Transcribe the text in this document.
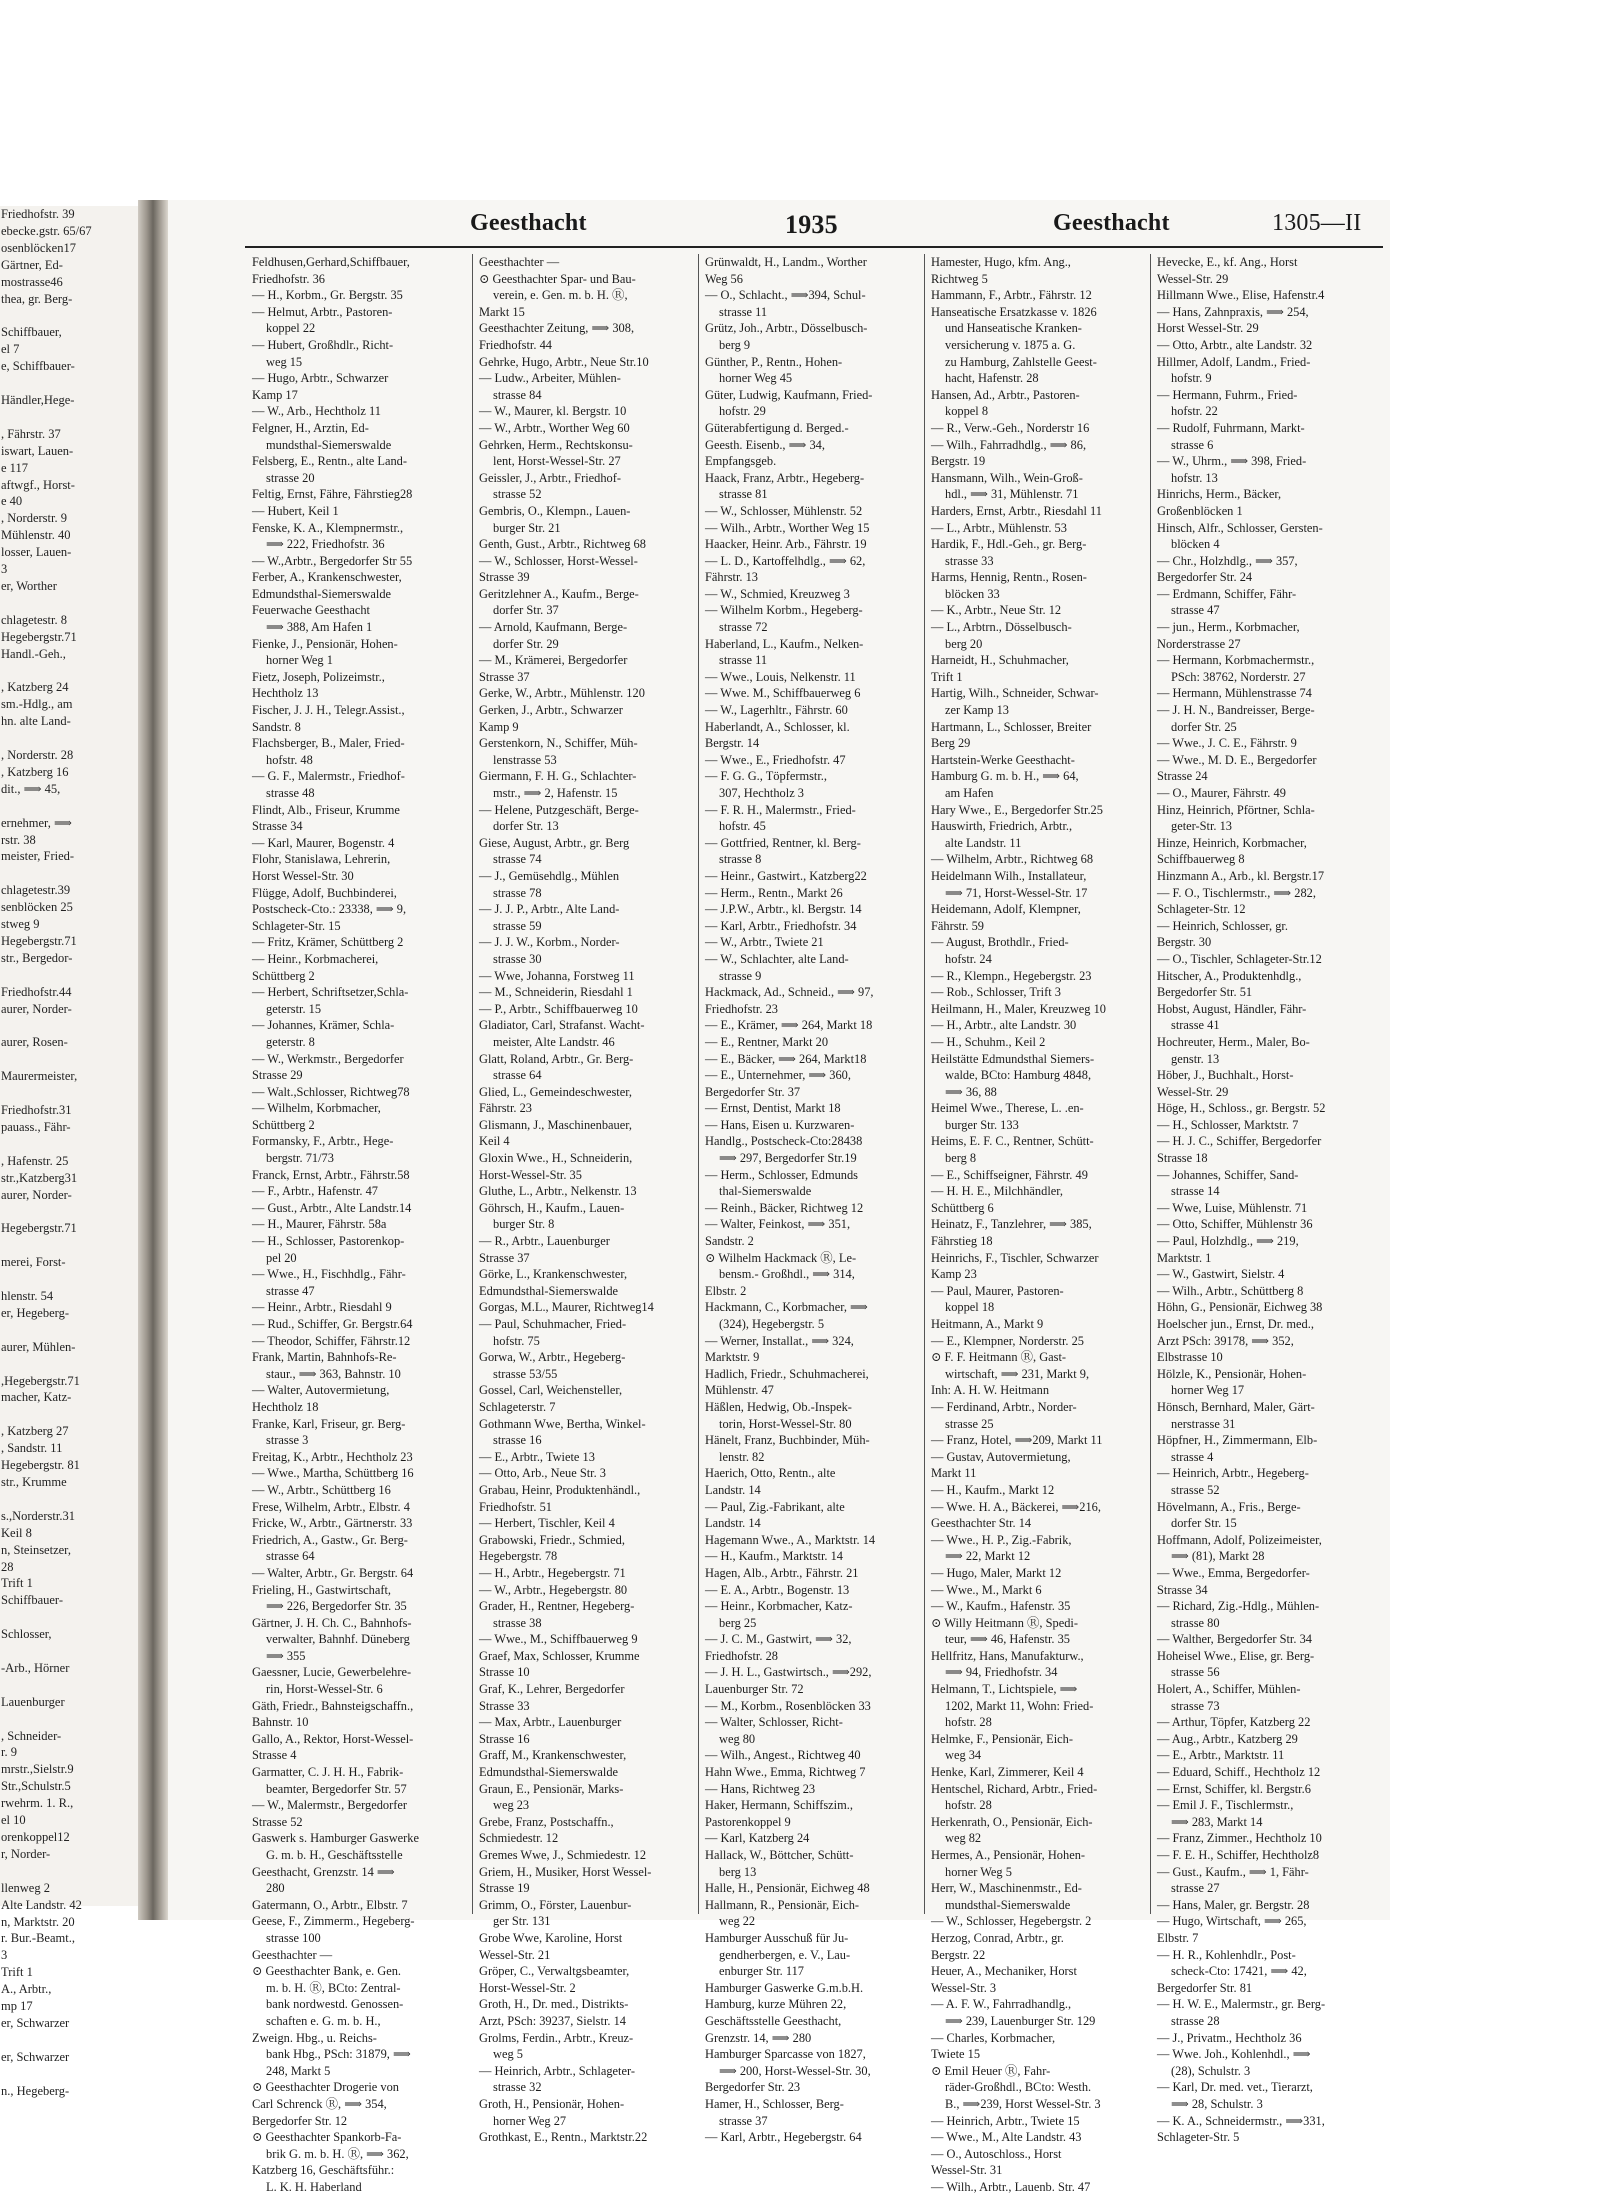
Friedhofstr. 39
ebecke.gstr. 65/67
osenblöcken17
Gärtner, Ed-
mostrasse46
thea, gr. Berg-

Schiffbauer,
el 7
e, Schiffbauer-

Händler,Hege-

, Fährstr. 37
iswart, Lauen-
e 117
aftwgf., Horst-
e 40
, Norderstr. 9
Mühlenstr. 40
losser, Lauen-
3
er, Worther

chlagetestr. 8
Hegebergstr.71
Handl.-Geh.,

, Katzberg 24
sm.-Hdlg., am
hn. alte Land-

, Norderstr. 28
, Katzberg 16
dit., ⟹ 45,

ernehmer, ⟹
rstr. 38
meister, Fried-

chlagetestr.39
senblöcken 25
stweg 9
Hegebergstr.71
str., Bergedor-

Friedhofstr.44
aurer, Norder-

aurer, Rosen-

Maurermeister,

Friedhofstr.31
pauass., Fähr-

, Hafenstr. 25
str.,Katzberg31
aurer, Norder-

Hegebergstr.71

merei, Forst-

hlenstr. 54
er, Hegeberg-

aurer, Mühlen-

,Hegebergstr.71
macher, Katz-

, Katzberg 27
, Sandstr. 11
Hegebergstr. 81
str., Krumme

s.,Norderstr.31
Keil 8
n, Steinsetzer,
28
Trift 1
Schiffbauer-

Schlosser,

-Arb., Hörner

Lauenburger

, Schneider-
r. 9
mrstr.,Sielstr.9
Str.,Schulstr.5
rwehrm. 1. R.,
el 10
orenkoppel12
r, Norder-

llenweg 2
Alte Landstr. 42
n, Marktstr. 20
r. Bur.-Beamt.,
3
Trift 1
A., Arbtr.,
mp 17
er, Schwarzer

er, Schwarzer

n., Hegeberg-
Geesthacht	1935	Geesthacht	1305—II
Feldhusen,Gerhard,Schiffbauer,
Friedhofstr. 36
— H., Korbm., Gr. Bergstr. 35
— Helmut, Arbtr., Pastoren-
koppel 22
— Hubert, Großhdlr., Richt-
weg 15
— Hugo, Arbtr., Schwarzer
Kamp 17
— W., Arb., Hechtholz 11
Felgner, H., Arztin, Ed-
mundsthal-Siemerswalde
Felsberg, E., Rentn., alte Land-
strasse 20
Feltig, Ernst, Fähre, Fährstieg28
— Hubert, Keil 1
Fenske, K. A., Klempnermstr.,
⟹ 222, Friedhofstr. 36
— W.,Arbtr., Bergedorfer Str 55
Ferber, A., Krankenschwester,
Edmundsthal-Siemerswalde
Feuerwache Geesthacht
⟹ 388, Am Hafen 1
Fienke, J., Pensionär, Hohen-
horner Weg 1
Fietz, Joseph, Polizeimstr.,
Hechtholz 13
Fischer, J. J. H., Telegr.Assist.,
Sandstr. 8
Flachsberger, B., Maler, Fried-
hofstr. 48
— G. F., Malermstr., Friedhof-
strasse 48
Flindt, Alb., Friseur, Krumme
Strasse 34
— Karl, Maurer, Bogenstr. 4
Flohr, Stanislawa, Lehrerin,
Horst Wessel-Str. 30
Flügge, Adolf, Buchbinderei,
Postscheck-Cto.: 23338, ⟹ 9,
Schlageter-Str. 15
— Fritz, Krämer, Schüttberg 2
— Heinr., Korbmacherei,
Schüttberg 2
— Herbert, Schriftsetzer,Schla-
geterstr. 15
— Johannes, Krämer, Schla-
geterstr. 8
— W., Werkmstr., Bergedorfer
Strasse 29
— Walt.,Schlosser, Richtweg78
— Wilhelm, Korbmacher,
Schüttberg 2
Formansky, F., Arbtr., Hege-
bergstr. 71/73
Franck, Ernst, Arbtr., Fährstr.58
— F., Arbtr., Hafenstr. 47
— Gust., Arbtr., Alte Landstr.14
— H., Maurer, Fährstr. 58a
— H., Schlosser, Pastorenkop-
pel 20
— Wwe., H., Fischhdlg., Fähr-
strasse 47
— Heinr., Arbtr., Riesdahl 9
— Rud., Schiffer, Gr. Bergstr.64
— Theodor, Schiffer, Fährstr.12
Frank, Martin, Bahnhofs-Re-
staur., ⟹ 363, Bahnstr. 10
— Walter, Autovermietung,
Hechtholz 18
Franke, Karl, Friseur, gr. Berg-
strasse 3
Freitag, K., Arbtr., Hechtholz 23
— Wwe., Martha, Schüttberg 16
— W., Arbtr., Schüttberg 16
Frese, Wilhelm, Arbtr., Elbstr. 4
Fricke, W., Arbtr., Gärtnerstr. 33
Friedrich, A., Gastw., Gr. Berg-
strasse 64
— Walter, Arbtr., Gr. Bergstr. 64
Frieling, H., Gastwirtschaft,
⟹ 226, Bergedorfer Str. 35
Gärtner, J. H. Ch. C., Bahnhofs-
verwalter, Bahnhf. Düneberg
⟹ 355
Gaessner, Lucie, Gewerbelehre-
rin, Horst-Wessel-Str. 6
Gäth, Friedr., Bahnsteigschaffn.,
Bahnstr. 10
Gallo, A., Rektor, Horst-Wessel-
Strasse 4
Garmatter, C. J. H. H., Fabrik-
beamter, Bergedorfer Str. 57
— W., Malermstr., Bergedorfer
Strasse 52
Gaswerk s. Hamburger Gaswerke
G. m. b. H., Geschäftsstelle
Geesthacht, Grenzstr. 14 ⟹
280
Gatermann, O., Arbtr., Elbstr. 7
Geese, F., Zimmerm., Hegeberg-
strasse 100
Geesthachter —
⊙ Geesthachter Bank, e. Gen.
m. b. H. Ⓡ, BCto: Zentral-
bank nordwestd. Genossen-
schaften e. G. m. b. H.,
Zweign. Hbg., u. Reichs-
bank Hbg., PSch: 31879, ⟹
248, Markt 5
⊙ Geesthachter Drogerie von
Carl Schrenck Ⓡ, ⟹ 354,
Bergedorfer Str. 12
⊙ Geesthachter Spankorb-Fa-
brik G. m. b. H. Ⓡ, ⟹ 362,
Katzberg 16, Geschäftsführ.:
L. K. H. Haberland
Geesthachter —
⊙ Geesthachter Spar- und Bau-
verein, e. Gen. m. b. H. Ⓡ,
Markt 15
Geesthachter Zeitung, ⟹ 308,
Friedhofstr. 44
Gehrke, Hugo, Arbtr., Neue Str.10
— Ludw., Arbeiter, Mühlen-
strasse 84
— W., Maurer, kl. Bergstr. 10
— W., Arbtr., Worther Weg 60
Gehrken, Herm., Rechtskonsu-
lent, Horst-Wessel-Str. 27
Geissler, J., Arbtr., Friedhof-
strasse 52
Gembris, O., Klempn., Lauen-
burger Str. 21
Genth, Gust., Arbtr., Richtweg 68
— W., Schlosser, Horst-Wessel-
Strasse 39
Geritzlehner A., Kaufm., Berge-
dorfer Str. 37
— Arnold, Kaufmann, Berge-
dorfer Str. 29
— M., Krämerei, Bergedorfer
Strasse 37
Gerke, W., Arbtr., Mühlenstr. 120
Gerken, J., Arbtr., Schwarzer
Kamp 9
Gerstenkorn, N., Schiffer, Müh-
lenstrasse 53
Giermann, F. H. G., Schlachter-
mstr., ⟹ 2, Hafenstr. 15
— Helene, Putzgeschäft, Berge-
dorfer Str. 13
Giese, August, Arbtr., gr. Berg
strasse 74
— J., Gemüsehdlg., Mühlen
strasse 78
— J. J. P., Arbtr., Alte Land-
strasse 59
— J. J. W., Korbm., Norder-
strasse 30
— Wwe, Johanna, Forstweg 11
— M., Schneiderin, Riesdahl 1
— P., Arbtr., Schiffbauerweg 10
Gladiator, Carl, Strafanst. Wacht-
meister, Alte Landstr. 46
Glatt, Roland, Arbtr., Gr. Berg-
strasse 64
Glied, L., Gemeindeschwester,
Fährstr. 23
Glismann, J., Maschinenbauer,
Keil 4
Gloxin Wwe., H., Schneiderin,
Horst-Wessel-Str. 35
Gluthe, L., Arbtr., Nelkenstr. 13
Göhrsch, H., Kaufm., Lauen-
burger Str. 8
— R., Arbtr., Lauenburger
Strasse 37
Görke, L., Krankenschwester,
Edmundsthal-Siemerswalde
Gorgas, M.L., Maurer, Richtweg14
— Paul, Schuhmacher, Fried-
hofstr. 75
Gorwa, W., Arbtr., Hegeberg-
strasse 53/55
Gossel, Carl, Weichensteller,
Schlageterstr. 7
Gothmann Wwe, Bertha, Winkel-
strasse 16
— E., Arbtr., Twiete 13
— Otto, Arb., Neue Str. 3
Grabau, Heinr, Produktenhändl.,
Friedhofstr. 51
— Herbert, Tischler, Keil 4
Grabowski, Friedr., Schmied,
Hegebergstr. 78
— H., Arbtr., Hegebergstr. 71
— W., Arbtr., Hegebergstr. 80
Grader, H., Rentner, Hegeberg-
strasse 38
— Wwe., M., Schiffbauerweg 9
Graef, Max, Schlosser, Krumme
Strasse 10
Graf, K., Lehrer, Bergedorfer
Strasse 33
— Max, Arbtr., Lauenburger
Strasse 16
Graff, M., Krankenschwester,
Edmundsthal-Siemerswalde
Graun, E., Pensionär, Marks-
weg 23
Grebe, Franz, Postschaffn.,
Schmiedestr. 12
Gremes Wwe, J., Schmiedestr. 12
Griem, H., Musiker, Horst Wessel-
Strasse 19
Grimm, O., Förster, Lauenbur-
ger Str. 131
Grobe Wwe, Karoline, Horst
Wessel-Str. 21
Gröper, C., Verwaltgsbeamter,
Horst-Wessel-Str. 2
Groth, H., Dr. med., Distrikts-
Arzt, PSch: 39237, Sielstr. 14
Grolms, Ferdin., Arbtr., Kreuz-
weg 5
— Heinrich, Arbtr., Schlageter-
strasse 32
Groth, H., Pensionär, Hohen-
horner Weg 27
Grothkast, E., Rentn., Marktstr.22
Grünwaldt, H., Landm., Worther
Weg 56
— O., Schlacht., ⟹394, Schul-
strasse 11
Grütz, Joh., Arbtr., Dösselbusch-
berg 9
Günther, P., Rentn., Hohen-
horner Weg 45
Güter, Ludwig, Kaufmann, Fried-
hofstr. 29
Güterabfertigung d. Berged.-
Geesth. Eisenb., ⟹ 34,
Empfangsgeb.
Haack, Franz, Arbtr., Hegeberg-
strasse 81
— W., Schlosser, Mühlenstr. 52
— Wilh., Arbtr., Worther Weg 15
Haacker, Heinr. Arb., Fährstr. 19
— L. D., Kartoffelhdlg., ⟹ 62,
Fährstr. 13
— W., Schmied, Kreuzweg 3
— Wilhelm Korbm., Hegeberg-
strasse 72
Haberland, L., Kaufm., Nelken-
strasse 11
— Wwe., Louis, Nelkenstr. 11
— Wwe. M., Schiffbauerweg 6
— W., Lagerhltr., Fährstr. 60
Haberlandt, A., Schlosser, kl.
Bergstr. 14
— Wwe., E., Friedhofstr. 47
— F. G. G., Töpfermstr.,
307, Hechtholz 3
— F. R. H., Malermstr., Fried-
hofstr. 45
— Gottfried, Rentner, kl. Berg-
strasse 8
— Heinr., Gastwirt., Katzberg22
— Herm., Rentn., Markt 26
— J.P.W., Arbtr., kl. Bergstr. 14
— Karl, Arbtr., Friedhofstr. 34
— W., Arbtr., Twiete 21
— W., Schlachter, alte Land-
strasse 9
Hackmack, Ad., Schneid., ⟹ 97,
Friedhofstr. 23
— E., Krämer, ⟹ 264, Markt 18
— E., Rentner, Markt 20
— E., Bäcker, ⟹ 264, Markt18
— E., Unternehmer, ⟹ 360,
Bergedorfer Str. 37
— Ernst, Dentist, Markt 18
— Hans, Eisen u. Kurzwaren-
Handlg., Postscheck-Cto:28438
⟹ 297, Bergedorfer Str.19
— Herm., Schlosser, Edmunds
thal-Siemerswalde
— Reinh., Bäcker, Richtweg 12
— Walter, Feinkost, ⟹ 351,
Sandstr. 2
⊙ Wilhelm Hackmack Ⓡ, Le-
bensm.- Großhdl., ⟹ 314,
Elbstr. 2
Hackmann, C., Korbmacher, ⟹
(324), Hegebergstr. 5
— Werner, Installat., ⟹ 324,
Marktstr. 9
Hadlich, Friedr., Schuhmacherei,
Mühlenstr. 47
Häßlen, Hedwig, Ob.-Inspek-
torin, Horst-Wessel-Str. 80
Hänelt, Franz, Buchbinder, Müh-
lenstr. 82
Haerich, Otto, Rentn., alte
Landstr. 14
— Paul, Zig.-Fabrikant, alte
Landstr. 14
Hagemann Wwe., A., Marktstr. 14
— H., Kaufm., Marktstr. 14
Hagen, Alb., Arbtr., Fährstr. 21
— E. A., Arbtr., Bogenstr. 13
— Heinr., Korbmacher, Katz-
berg 25
— J. C. M., Gastwirt, ⟹ 32,
Friedhofstr. 28
— J. H. L., Gastwirtsch., ⟹292,
Lauenburger Str. 72
— M., Korbm., Rosenblöcken 33
— Walter, Schlosser, Richt-
weg 80
— Wilh., Angest., Richtweg 40
Hahn Wwe., Emma, Richtweg 7
— Hans, Richtweg 23
Haker, Hermann, Schiffszim.,
Pastorenkoppel 9
— Karl, Katzberg 24
Hallack, W., Böttcher, Schütt-
berg 13
Halle, H., Pensionär, Eichweg 48
Hallmann, R., Pensionär, Eich-
weg 22
Hamburger Ausschuß für Ju-
gendherbergen, e. V., Lau-
enburger Str. 117
Hamburger Gaswerke G.m.b.H.
Hamburg, kurze Mühren 22,
Geschäftsstelle Geesthacht,
Grenzstr. 14, ⟹ 280
Hamburger Sparcasse von 1827,
⟹ 200, Horst-Wessel-Str. 30,
Bergedorfer Str. 23
Hamer, H., Schlosser, Berg-
strasse 37
— Karl, Arbtr., Hegebergstr. 64
Hamester, Hugo, kfm. Ang.,
Richtweg 5
Hammann, F., Arbtr., Fährstr. 12
Hanseatische Ersatzkasse v. 1826
und Hanseatische Kranken-
versicherung v. 1875 a. G.
zu Hamburg, Zahlstelle Geest-
hacht, Hafenstr. 28
Hansen, Ad., Arbtr., Pastoren-
koppel 8
— R., Verw.-Geh., Norderstr 16
— Wilh., Fahrradhdlg., ⟹ 86,
Bergstr. 19
Hansmann, Wilh., Wein-Groß-
hdl., ⟹ 31, Mühlenstr. 71
Harders, Ernst, Arbtr., Riesdahl 11
— L., Arbtr., Mühlenstr. 53
Hardik, F., Hdl.-Geh., gr. Berg-
strasse 33
Harms, Hennig, Rentn., Rosen-
blöcken 33
— K., Arbtr., Neue Str. 12
— L., Arbtrn., Dösselbusch-
berg 20
Harneidt, H., Schuhmacher,
Trift 1
Hartig, Wilh., Schneider, Schwar-
zer Kamp 13
Hartmann, L., Schlosser, Breiter
Berg 29
Hartstein-Werke Geesthacht-
Hamburg G. m. b. H., ⟹ 64,
am Hafen
Hary Wwe., E., Bergedorfer Str.25
Hauswirth, Friedrich, Arbtr.,
alte Landstr. 11
— Wilhelm, Arbtr., Richtweg 68
Heidelmann Wilh., Installateur,
⟹ 71, Horst-Wessel-Str. 17
Heidemann, Adolf, Klempner,
Fährstr. 59
— August, Brothdlr., Fried-
hofstr. 24
— R., Klempn., Hegebergstr. 23
— Rob., Schlosser, Trift 3
Heilmann, H., Maler, Kreuzweg 10
— H., Arbtr., alte Landstr. 30
— H., Schuhm., Keil 2
Heilstätte Edmundsthal Siemers-
walde, BCto: Hamburg 4848,
⟹ 36, 88
Heimel Wwe., Therese, L. .en-
burger Str. 133
Heims, E. F. C., Rentner, Schütt-
berg 8
— E., Schiffseigner, Fährstr. 49
— H. H. E., Milchhändler,
Schüttberg 6
Heinatz, F., Tanzlehrer, ⟹ 385,
Fährstieg 18
Heinrichs, F., Tischler, Schwarzer
Kamp 23
— Paul, Maurer, Pastoren-
koppel 18
Heitmann, A., Markt 9
— E., Klempner, Norderstr. 25
⊙ F. F. Heitmann Ⓡ, Gast-
wirtschaft, ⟹ 231, Markt 9,
Inh: A. H. W. Heitmann
— Ferdinand, Arbtr., Norder-
strasse 25
— Franz, Hotel, ⟹209, Markt 11
— Gustav, Autovermietung,
Markt 11
— H., Kaufm., Markt 12
— Wwe. H. A., Bäckerei, ⟹216,
Geesthachter Str. 14
— Wwe., H. P., Zig.-Fabrik,
⟹ 22, Markt 12
— Hugo, Maler, Markt 12
— Wwe., M., Markt 6
— W., Kaufm., Hafenstr. 35
⊙ Willy Heitmann Ⓡ, Spedi-
teur, ⟹ 46, Hafenstr. 35
Hellfritz, Hans, Manufakturw.,
⟹ 94, Friedhofstr. 34
Helmann, T., Lichtspiele, ⟹
1202, Markt 11, Wohn: Fried-
hofstr. 28
Helmke, F., Pensionär, Eich-
weg 34
Henke, Karl, Zimmerer, Keil 4
Hentschel, Richard, Arbtr., Fried-
hofstr. 28
Herkenrath, O., Pensionär, Eich-
weg 82
Hermes, A., Pensionär, Hohen-
horner Weg 5
Herr, W., Maschinenmstr., Ed-
mundsthal-Siemerswalde
— W., Schlosser, Hegebergstr. 2
Herzog, Conrad, Arbtr., gr.
Bergstr. 22
Heuer, A., Mechaniker, Horst
Wessel-Str. 3
— A. F. W., Fahrradhandlg.,
⟹ 239, Lauenburger Str. 129
— Charles, Korbmacher,
Twiete 15
⊙ Emil Heuer Ⓡ, Fahr-
räder-Großhdl., BCto: Westh.
B., ⟹239, Horst Wessel-Str. 3
— Heinrich, Arbtr., Twiete 15
— Wwe., M., Alte Landstr. 43
— O., Autoschloss., Horst
Wessel-Str. 31
— Wilh., Arbtr., Lauenb. Str. 47
Hevecke, E., kf. Ang., Horst
Wessel-Str. 29
Hillmann Wwe., Elise, Hafenstr.4
— Hans, Zahnpraxis, ⟹ 254,
Horst Wessel-Str. 29
— Otto, Arbtr., alte Landstr. 32
Hillmer, Adolf, Landm., Fried-
hofstr. 9
— Hermann, Fuhrm., Fried-
hofstr. 22
— Rudolf, Fuhrmann, Markt-
strasse 6
— W., Uhrm., ⟹ 398, Fried-
hofstr. 13
Hinrichs, Herm., Bäcker,
Großenblöcken 1
Hinsch, Alfr., Schlosser, Gersten-
blöcken 4
— Chr., Holzhdlg., ⟹ 357,
Bergedorfer Str. 24
— Erdmann, Schiffer, Fähr-
strasse 47
— jun., Herm., Korbmacher,
Norderstrasse 27
— Hermann, Korbmachermstr.,
PSch: 38762, Norderstr. 27
— Hermann, Mühlenstrasse 74
— J. H. N., Bandreisser, Berge-
dorfer Str. 25
— Wwe., J. C. E., Fährstr. 9
— Wwe., M. D. E., Bergedorfer
Strasse 24
— O., Maurer, Fährstr. 49
Hinz, Heinrich, Pförtner, Schla-
geter-Str. 13
Hinze, Heinrich, Korbmacher,
Schiffbauerweg 8
Hinzmann A., Arb., kl. Bergstr.17
— F. O., Tischlermstr., ⟹ 282,
Schlageter-Str. 12
— Heinrich, Schlosser, gr.
Bergstr. 30
— O., Tischler, Schlageter-Str.12
Hitscher, A., Produktenhdlg.,
Bergedorfer Str. 51
Hobst, August, Händler, Fähr-
strasse 41
Hochreuter, Herm., Maler, Bo-
genstr. 13
Höber, J., Buchhalt., Horst-
Wessel-Str. 29
Höge, H., Schloss., gr. Bergstr. 52
— H., Schlosser, Marktstr. 7
— H. J. C., Schiffer, Bergedorfer
Strasse 18
— Johannes, Schiffer, Sand-
strasse 14
— Wwe, Luise, Mühlenstr. 71
— Otto, Schiffer, Mühlenstr 36
— Paul, Holzhdlg., ⟹ 219,
Marktstr. 1
— W., Gastwirt, Sielstr. 4
— Wilh., Arbtr., Schüttberg 8
Höhn, G., Pensionär, Eichweg 38
Hoelscher jun., Ernst, Dr. med.,
Arzt PSch: 39178, ⟹ 352,
Elbstrasse 10
Hölzle, K., Pensionär, Hohen-
horner Weg 17
Hönsch, Bernhard, Maler, Gärt-
nerstrasse 31
Höpfner, H., Zimmermann, Elb-
strasse 4
— Heinrich, Arbtr., Hegeberg-
strasse 52
Hövelmann, A., Fris., Berge-
dorfer Str. 15
Hoffmann, Adolf, Polizeimeister,
⟹ (81), Markt 28
— Wwe., Emma, Bergedorfer-
Strasse 34
— Richard, Zig.-Hdlg., Mühlen-
strasse 80
— Walther, Bergedorfer Str. 34
Hoheisel Wwe., Elise, gr. Berg-
strasse 56
Holert, A., Schiffer, Mühlen-
strasse 73
— Arthur, Töpfer, Katzberg 22
— Aug., Arbtr., Katzberg 29
— E., Arbtr., Marktstr. 11
— Eduard, Schiff., Hechtholz 12
— Ernst, Schiffer, kl. Bergstr.6
— Emil J. F., Tischlermstr.,
⟹ 283, Markt 14
— Franz, Zimmer., Hechtholz 10
— F. E. H., Schiffer, Hechtholz8
— Gust., Kaufm., ⟹ 1, Fähr-
strasse 27
— Hans, Maler, gr. Bergstr. 28
— Hugo, Wirtschaft, ⟹ 265,
Elbstr. 7
— H. R., Kohlenhdlr., Post-
scheck-Cto: 17421, ⟹ 42,
Bergedorfer Str. 81
— H. W. E., Malermstr., gr. Berg-
strasse 28
— J., Privatm., Hechtholz 36
— Wwe. Joh., Kohlenhdl., ⟹
(28), Schulstr. 3
— Karl, Dr. med. vet., Tierarzt,
⟹ 28, Schulstr. 3
— K. A., Schneidermstr., ⟹331,
Schlageter-Str. 5
